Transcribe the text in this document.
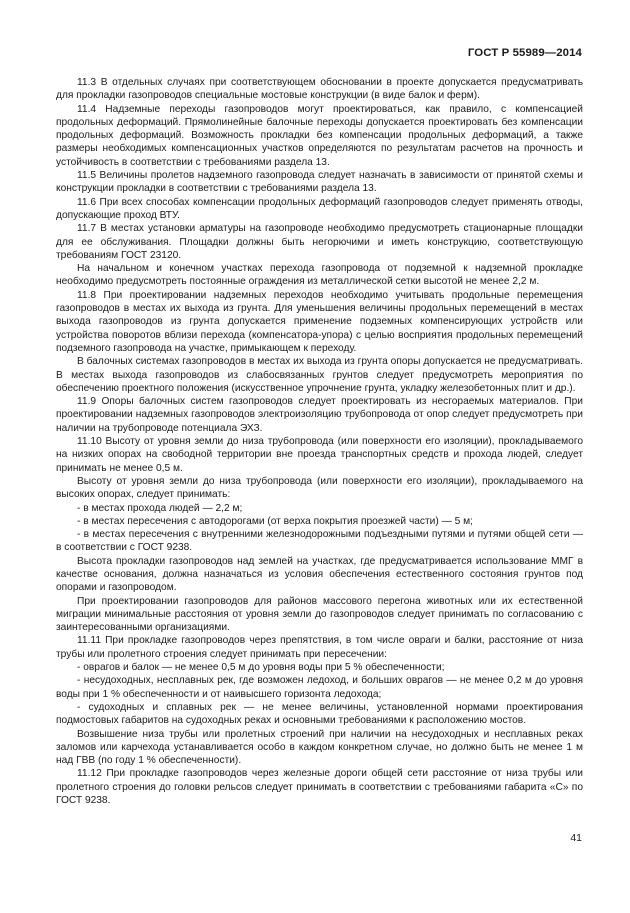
ГОСТ Р 55989—2014

11.3 В отдельных случаях при соответствующем обосновании в проекте допускается предусматривать для прокладки газопроводов специальные мостовые конструкции (в виде балок и ферм).

11.4 Надземные переходы газопроводов могут проектироваться, как правило, с компенсацией продольных деформаций. Прямолинейные балочные переходы допускается проектировать без компенсации продольных деформаций. Возможность прокладки без компенсации продольных деформаций, а также размеры необходимых компенсационных участков определяются по результатам расчетов на прочность и устойчивость в соответствии с требованиями раздела 13.

11.5 Величины пролетов надземного газопровода следует назначать в зависимости от принятой схемы и конструкции прокладки в соответствии с требованиями раздела 13.

11.6 При всех способах компенсации продольных деформаций газопроводов следует применять отводы, допускающие проход ВТУ.

11.7 В местах установки арматуры на газопроводе необходимо предусмотреть стационарные площадки для ее обслуживания. Площадки должны быть негорючими и иметь конструкцию, соответствующую требованиям ГОСТ 23120.

На начальном и конечном участках перехода газопровода от подземной к надземной прокладке необходимо предусмотреть постоянные ограждения из металлической сетки высотой не менее 2,2 м.

11.8 При проектировании надземных переходов необходимо учитывать продольные перемещения газопроводов в местах их выхода из грунта. Для уменьшения величины продольных перемещений в местах выхода газопроводов из грунта допускается применение подземных компенсирующих устройств или устройства поворотов вблизи перехода (компенсатора-упора) с целью восприятия продольных перемещений подземного газопровода на участке, примыкающем к переходу.

В балочных системах газопроводов в местах их выхода из грунта опоры допускается не предусматривать. В местах выхода газопроводов из слабосвязанных грунтов следует предусмотреть мероприятия по обеспечению проектного положения (искусственное упрочнение грунта, укладку железобетонных плит и др.).

11.9 Опоры балочных систем газопроводов следует проектировать из несгораемых материалов. При проектировании надземных газопроводов электроизоляцию трубопровода от опор следует предусмотреть при наличии на трубопроводе потенциала ЭХЗ.

11.10 Высоту от уровня земли до низа трубопровода (или поверхности его изоляции), прокладываемого на низких опорах на свободной территории вне проезда транспортных средств и прохода людей, следует принимать не менее 0,5 м.

Высоту от уровня земли до низа трубопровода (или поверхности его изоляции), прокладываемого на высоких опорах, следует принимать:

- в местах прохода людей — 2,2 м;

- в местах пересечения с автодорогами (от верха покрытия проезжей части) — 5 м;

- в местах пересечения с внутренними железнодорожными подъездными путями и путями общей сети — в соответствии с ГОСТ 9238.

Высота прокладки газопроводов над землей на участках, где предусматривается использование ММГ в качестве основания, должна назначаться из условия обеспечения естественного состояния грунтов под опорами и газопроводом.

При проектировании газопроводов для районов массового перегона животных или их естественной миграции минимальные расстояния от уровня земли до газопроводов следует принимать по согласованию с заинтересованными организациями.

11.11 При прокладке газопроводов через препятствия, в том числе овраги и балки, расстояние от низа трубы или пролетного строения следует принимать при пересечении:

- оврагов и балок — не менее 0,5 м до уровня воды при 5 % обеспеченности;

- несудоходных, несплавных рек, где возможен ледоход, и больших оврагов — не менее 0,2 м до уровня воды при 1 % обеспеченности и от наивысшего горизонта ледохода;

- судоходных и сплавных рек — не менее величины, установленной нормами проектирования подмостовых габаритов на судоходных реках и основными требованиями к расположению мостов.

Возвышение низа трубы или пролетных строений при наличии на несудоходных и несплавных реках заломов или карчехода устанавливается особо в каждом конкретном случае, но должно быть не менее 1 м над ГВВ (по году 1 % обеспеченности).

11.12 При прокладке газопроводов через железные дороги общей сети расстояние от низа трубы или пролетного строения до головки рельсов следует принимать в соответствии с требованиями габарита «С» по ГОСТ 9238.

41
